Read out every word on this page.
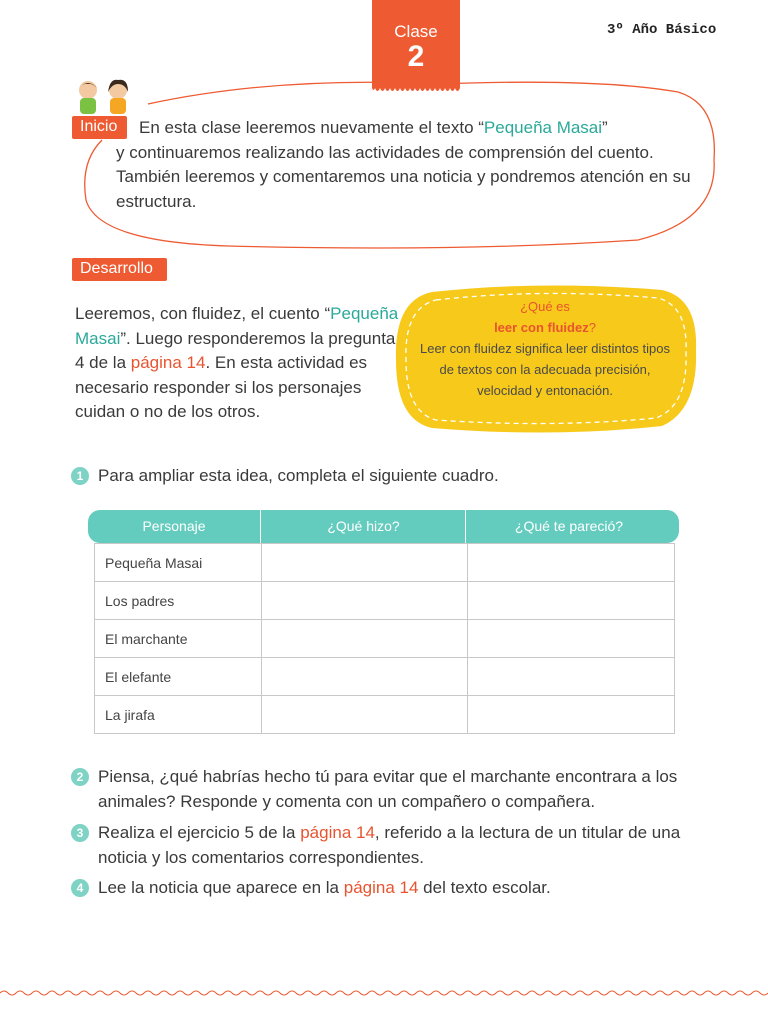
Clase
2
3º Año Básico
Inicio	En esta clase leeremos nuevamente el texto “Pequeña Masai”
y continuaremos realizando las actividades de comprensión del cuento. También leeremos y comentaremos una noticia y pondremos atención en su estructura.
Desarrollo
Leeremos, con fluidez, el cuento “Pequeña Masai”. Luego responderemos la pregunta 4 de la página 14. En esta actividad es necesario responder si los personajes cuidan o no de los otros.
¿Qué es
leer con fluidez?
Leer con fluidez significa leer distintos tipos de textos con la adecuada precisión, velocidad y entonación.
1 Para ampliar esta idea, completa el siguiente cuadro.
Personaje	¿Qué hizo?	¿Qué te pareció?
Pequeña Masai		
Los padres		
El marchante		
El elefante		
La jirafa		
2 Piensa, ¿qué habrías hecho tú para evitar que el marchante encontrara a los animales? Responde y comenta con un compañero o compañera.
3 Realiza el ejercicio 5 de la página 14, referido a la lectura de un titular de una noticia y los comentarios correspondientes.
4 Lee la noticia que aparece en la página 14 del texto escolar.
